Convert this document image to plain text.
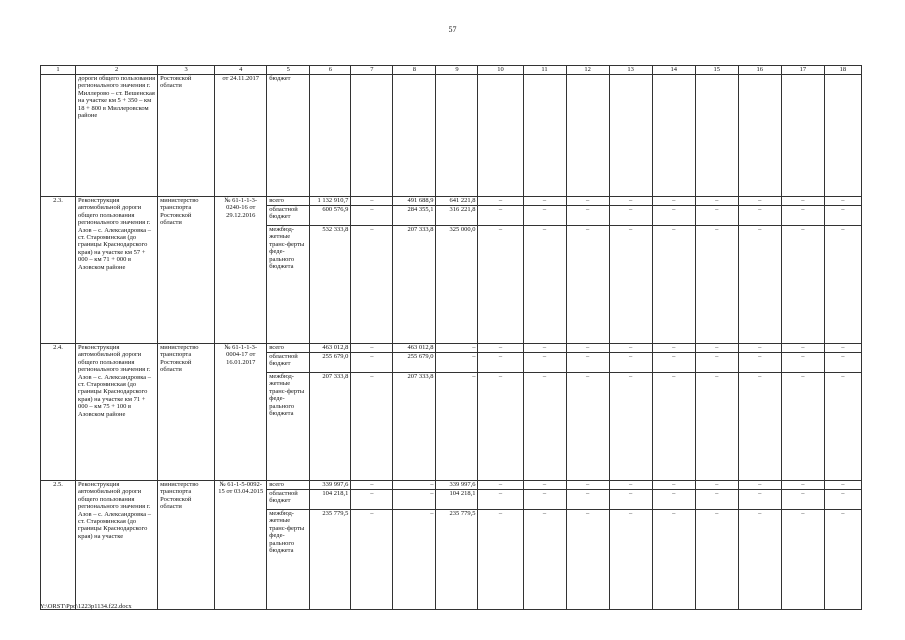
57
1	2	3	4	5	6	7	8	9	10	11	12	13	14	15	16	17	18
	дороги общего пользования регионального значения г. Миллерово – ст. Вешенская на участке км 5 + 350 – км 18 + 800 в Миллеровском районе	Ростовской области	от 24.11.2017	бюджет													
2.3.	Реконструкция автомобильной дороги общего пользования регионального значения г. Азов – с. Александровка – ст. Староминская (до границы Краснодарского края) на участке км 57 + 000 – км 71 + 000 в Азовском районе	министерство транспорта Ростовской области	№ 61-1-1-3-0240-16 от 29.12.2016	всего	1 132 910,7	–	491 688,9	641 221,8	–	–	–	–	–	–	–	–	–
				областной бюджет	600 576,9	–	284 355,1	316 221,8	–	–	–	–	–	–	–	–	–
				межбюд-жетные транс-ферты феде-рального бюджета	532 333,8	–	207 333,8	325 000,0	–	–	–	–	–	–	–	–	–
2.4.	Реконструкция автомобильной дороги общего пользования регионального значения г. Азов – с. Александровка – ст. Староминская (до границы Краснодарского края) на участке км 71 + 000 – км 75 + 100 в Азовском районе	министерство транспорта Ростовской области	№ 61-1-1-3-0004-17 от 16.01.2017	всего	463 012,8	–	463 012,8	–	–	–	–	–	–	–	–	–	–
				областной бюджет	255 679,0	–	255 679,0	–	–	–	–	–	–	–	–	–	–
				межбюд-жетные транс-ферты феде-рального бюджета	207 333,8	–	207 333,8	–	–	–	–	–	–	–	–	–	–
2.5.	Реконструкция автомобильной дороги общего пользования регионального значения г. Азов – с. Александровка – ст. Староминская (до границы Краснодарского края) на участке	министерство транспорта Ростовской области	№ 61-1-5-0092-15 от 03.04.2015	всего	339 997,6	–	–	339 997,6	–	–	–	–	–	–	–	–	–
				областной бюджет	104 218,1	–	–	104 218,1	–	–	–	–	–	–	–	–	–
				межбюд-жетные транс-ферты феде-рального бюджета	235 779,5	–	–	235 779,5	–	–	–	–	–	–	–	–	–
Y:\ORST\Ppo\1223p1134.f22.docx
